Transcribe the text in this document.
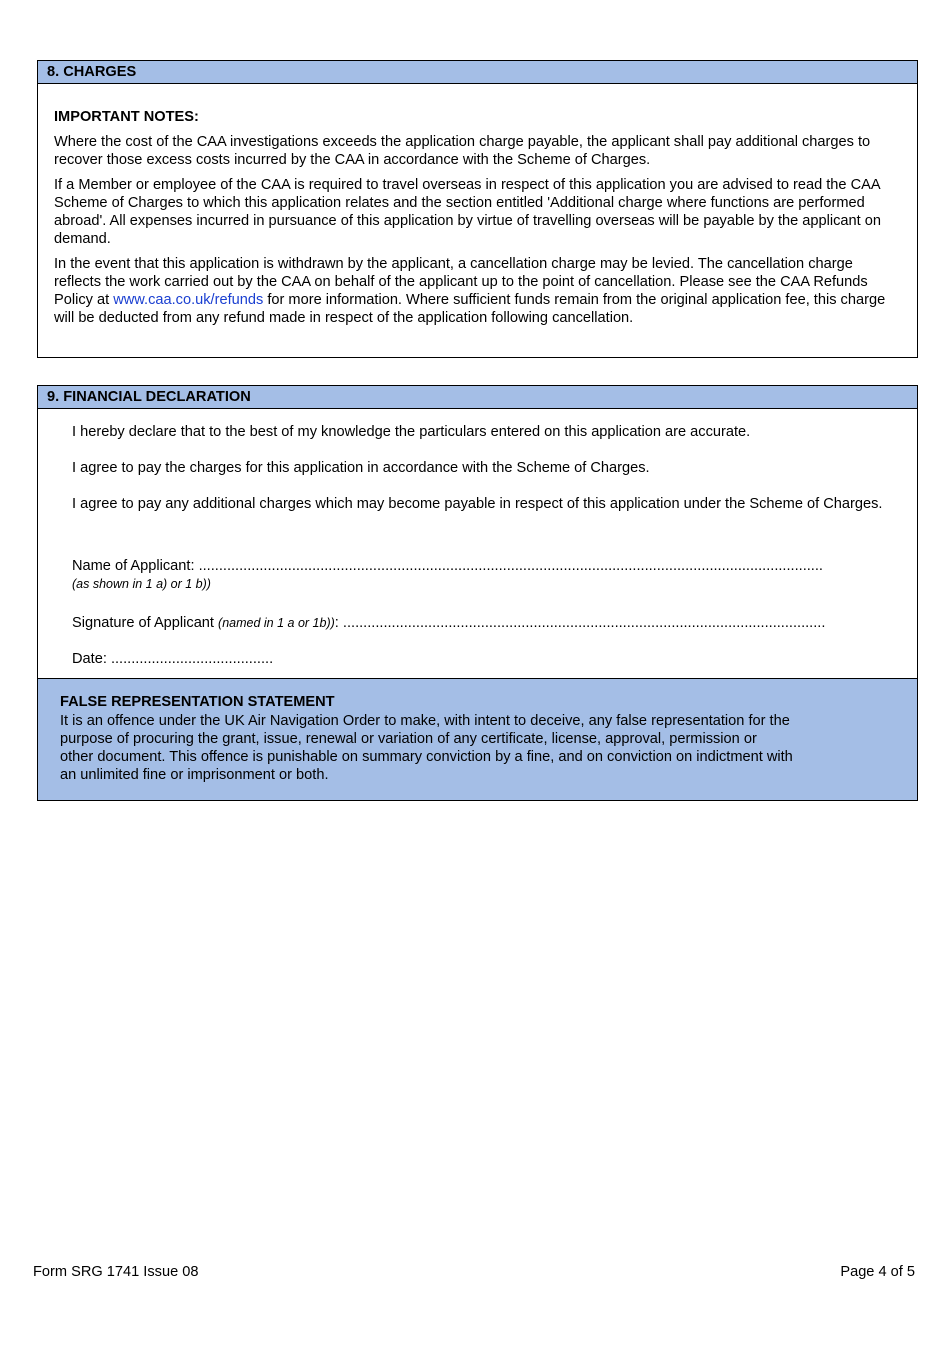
8. CHARGES
IMPORTANT NOTES:

Where the cost of the CAA investigations exceeds the application charge payable, the applicant shall pay additional charges to recover those excess costs incurred by the CAA in accordance with the Scheme of Charges.

If a Member or employee of the CAA is required to travel overseas in respect of this application you are advised to read the CAA Scheme of Charges to which this application relates and the section entitled 'Additional charge where functions are performed abroad'. All expenses incurred in pursuance of this application by virtue of travelling overseas will be payable by the applicant on demand.

In the event that this application is withdrawn by the applicant, a cancellation charge may be levied. The cancellation charge reflects the work carried out by the CAA on behalf of the applicant up to the point of cancellation. Please see the CAA Refunds Policy at www.caa.co.uk/refunds for more information. Where sufficient funds remain from the original application fee, this charge will be deducted from any refund made in respect of the application following cancellation.

9. FINANCIAL DECLARATION

I hereby declare that to the best of my knowledge the particulars entered on this application are accurate.

I agree to pay the charges for this application in accordance with the Scheme of Charges.

I agree to pay any additional charges which may become payable in respect of this application under the Scheme of Charges.

Name of Applicant: ..........................................................................................................................................................
(as shown in 1 a) or 1 b))
Signature of Applicant (named in 1 a or 1b)): .......................................................................................................................
Date: ........................................
FALSE REPRESENTATION STATEMENT
It is an offence under the UK Air Navigation Order to make, with intent to deceive, any false representation for the
purpose of procuring the grant, issue, renewal or variation of any certificate, license, approval, permission or
other document. This offence is punishable on summary conviction by a fine, and on conviction on indictment with
an unlimited fine or imprisonment or both.
Form SRG 1741 Issue 08	Page 4 of 5
